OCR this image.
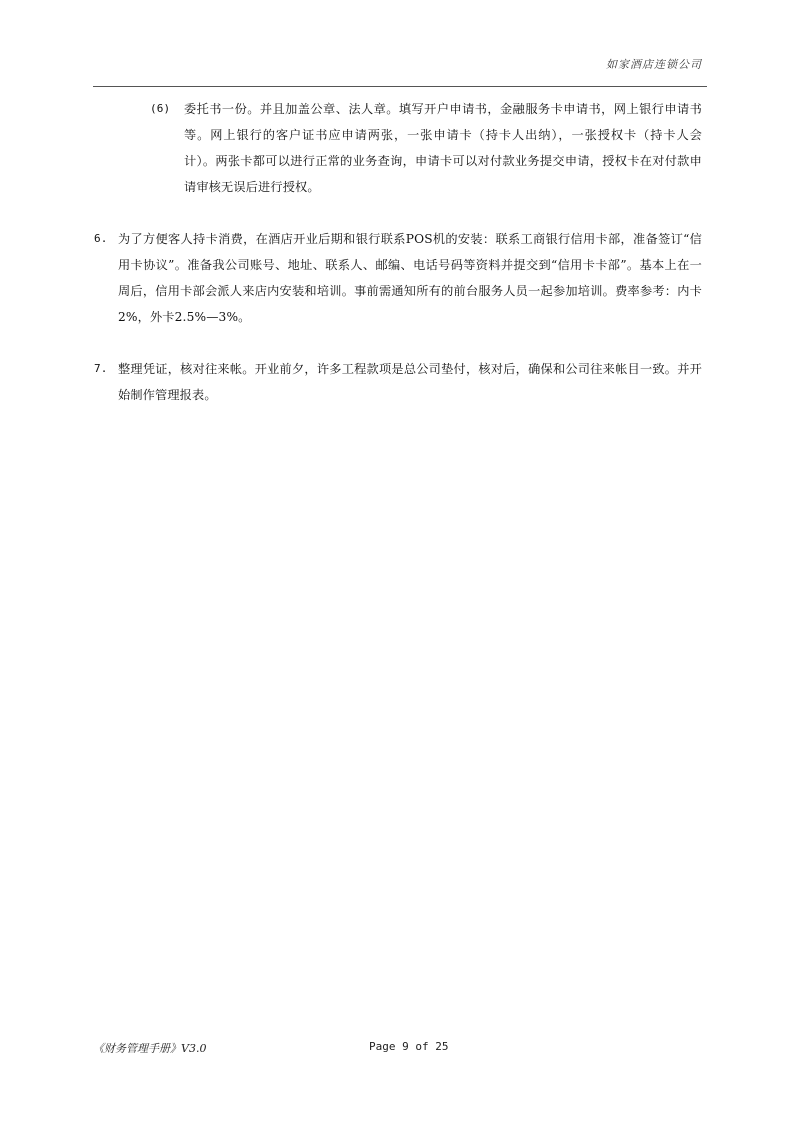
如家酒店连锁公司
(6) 委托书一份。并且加盖公章、法人章。填写开户申请书，金融服务卡申请书，网上银行申请书等。网上银行的客户证书应申请两张，一张申请卡（持卡人出纳），一张授权卡（持卡人会计）。两张卡都可以进行正常的业务查询，申请卡可以对付款业务提交申请，授权卡在对付款申请审核无误后进行授权。
6. 为了方便客人持卡消费，在酒店开业后期和银行联系POS机的安装：联系工商银行信用卡部，准备签订“信用卡协议”。准备我公司账号、地址、联系人、邮编、电话号码等资料并提交到“信用卡卡部”。基本上在一周后，信用卡部会派人来店内安装和培训。事前需通知所有的前台服务人员一起参加培训。费率参考：内卡2%，外卡2.5%—3%。
7. 整理凭证，核对往来帐。开业前夕，许多工程款项是总公司垫付，核对后，确保和公司往来帐目一致。并开始制作管理报表。
《财务管理手册》V3.0	Page 9 of 25
